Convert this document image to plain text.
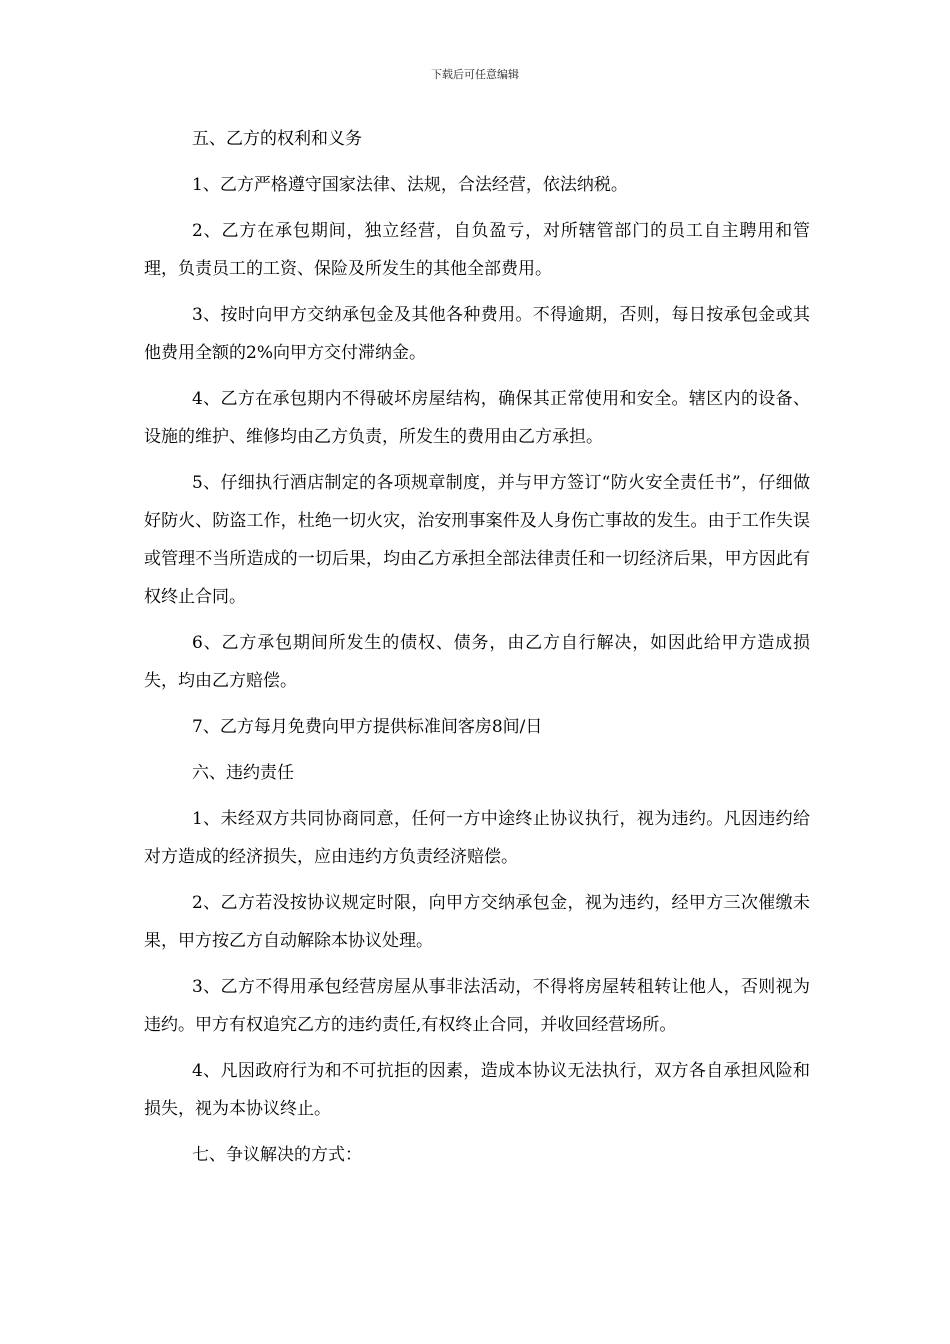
下载后可任意编辑

五、乙方的权利和义务

1、乙方严格遵守国家法律、法规，合法经营，依法纳税。

2、乙方在承包期间，独立经营，自负盈亏，对所辖管部门的员工自主聘用和管理，负责员工的工资、保险及所发生的其他全部费用。

3、按时向甲方交纳承包金及其他各种费用。不得逾期，否则，每日按承包金或其他费用全额的2%向甲方交付滞纳金。

4、乙方在承包期内不得破坏房屋结构，确保其正常使用和安全。辖区内的设备、设施的维护、维修均由乙方负责，所发生的费用由乙方承担。

5、仔细执行酒店制定的各项规章制度，并与甲方签订“防火安全责任书”，仔细做好防火、防盗工作，杜绝一切火灾，治安刑事案件及人身伤亡事故的发生。由于工作失误或管理不当所造成的一切后果，均由乙方承担全部法律责任和一切经济后果，甲方因此有权终止合同。

6、乙方承包期间所发生的债权、债务，由乙方自行解决，如因此给甲方造成损失，均由乙方赔偿。

7、乙方每月免费向甲方提供标准间客房8间/日

六、违约责任

1、未经双方共同协商同意，任何一方中途终止协议执行，视为违约。凡因违约给对方造成的经济损失，应由违约方负责经济赔偿。

2、乙方若没按协议规定时限，向甲方交纳承包金，视为违约，经甲方三次催缴未果，甲方按乙方自动解除本协议处理。

3、乙方不得用承包经营房屋从事非法活动，不得将房屋转租转让他人，否则视为违约。甲方有权追究乙方的违约责任,有权终止合同，并收回经营场所。

4、凡因政府行为和不可抗拒的因素，造成本协议无法执行，双方各自承担风险和损失，视为本协议终止。

七、争议解决的方式：
